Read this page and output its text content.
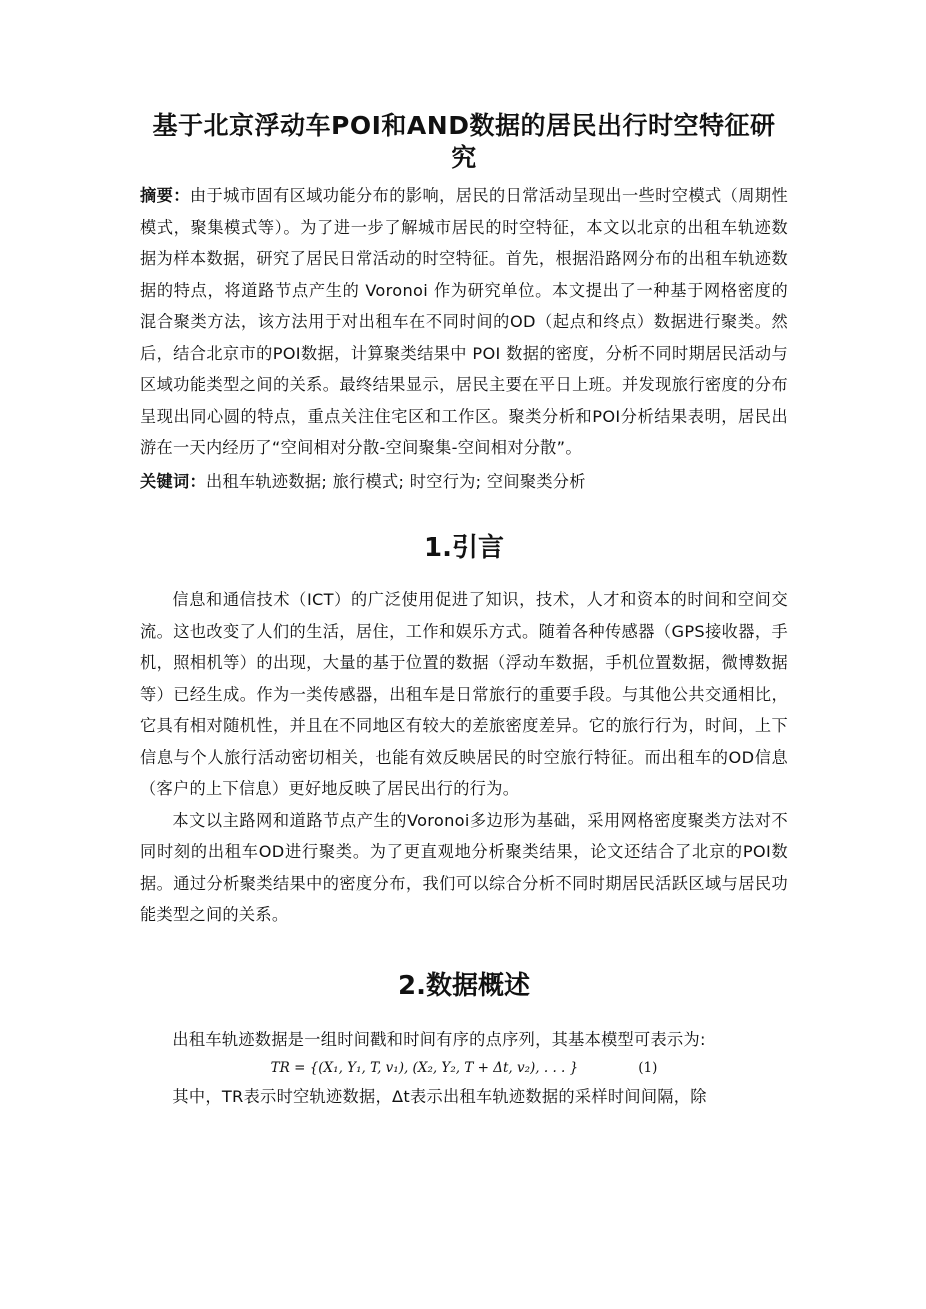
基于北京浮动车POI和AND数据的居民出行时空特征研究

摘要：由于城市固有区域功能分布的影响，居民的日常活动呈现出一些时空模式（周期性模式，聚集模式等）。为了进一步了解城市居民的时空特征，本文以北京的出租车轨迹数据为样本数据，研究了居民日常活动的时空特征。首先，根据沿路网分布的出租车轨迹数据的特点，将道路节点产生的 Voronoi 作为研究单位。本文提出了一种基于网格密度的混合聚类方法，该方法用于对出租车在不同时间的OD（起点和终点）数据进行聚类。然后，结合北京市的POI数据，计算聚类结果中 POI 数据的密度，分析不同时期居民活动与区域功能类型之间的关系。最终结果显示，居民主要在平日上班。并发现旅行密度的分布呈现出同心圆的特点，重点关注住宅区和工作区。聚类分析和POI分析结果表明，居民出游在一天内经历了“空间相对分散-空间聚集-空间相对分散”。

关键词：出租车轨迹数据; 旅行模式; 时空行为; 空间聚类分析

1.引言

信息和通信技术（ICT）的广泛使用促进了知识，技术，人才和资本的时间和空间交流。这也改变了人们的生活，居住，工作和娱乐方式。随着各种传感器（GPS接收器，手机，照相机等）的出现，大量的基于位置的数据（浮动车数据，手机位置数据，微博数据等）已经生成。作为一类传感器，出租车是日常旅行的重要手段。与其他公共交通相比，它具有相对随机性，并且在不同地区有较大的差旅密度差异。它的旅行行为，时间，上下信息与个人旅行活动密切相关，也能有效反映居民的时空旅行特征。而出租车的OD信息（客户的上下信息）更好地反映了居民出行的行为。

本文以主路网和道路节点产生的Voronoi多边形为基础，采用网格密度聚类方法对不同时刻的出租车OD进行聚类。为了更直观地分析聚类结果，论文还结合了北京的POI数据。通过分析聚类结果中的密度分布，我们可以综合分析不同时期居民活跃区域与居民功能类型之间的关系。

2.数据概述

出租车轨迹数据是一组时间戳和时间有序的点序列，其基本模型可表示为:

TR = {(X₁, Y₁, T, v₁), (X₂, Y₂, T + Δt, v₂), . . . }	(1)

其中，TR表示时空轨迹数据，Δt表示出租车轨迹数据的采样时间间隔，除
